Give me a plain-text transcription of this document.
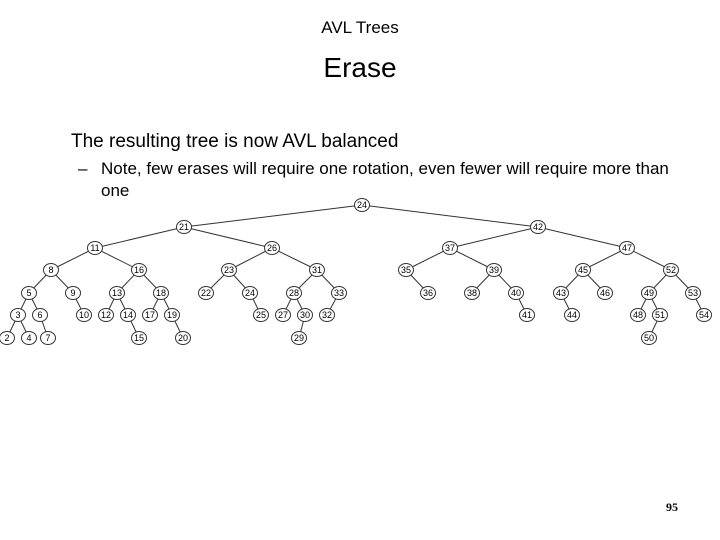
AVL Trees
Erase
The resulting tree is now AVL balanced
– Note, few erases will require one rotation, even fewer will require more than one
24
21	42
11	26	37	47
8	16	23	31	35	39	45	52
5	9	13	18	22	24	28	33	36	38	40	43	46	49	53
3 6	10 12 14 17 19	25 27 30 32	41	44	48 51	54
2 4 7	15	20	29	50
95
